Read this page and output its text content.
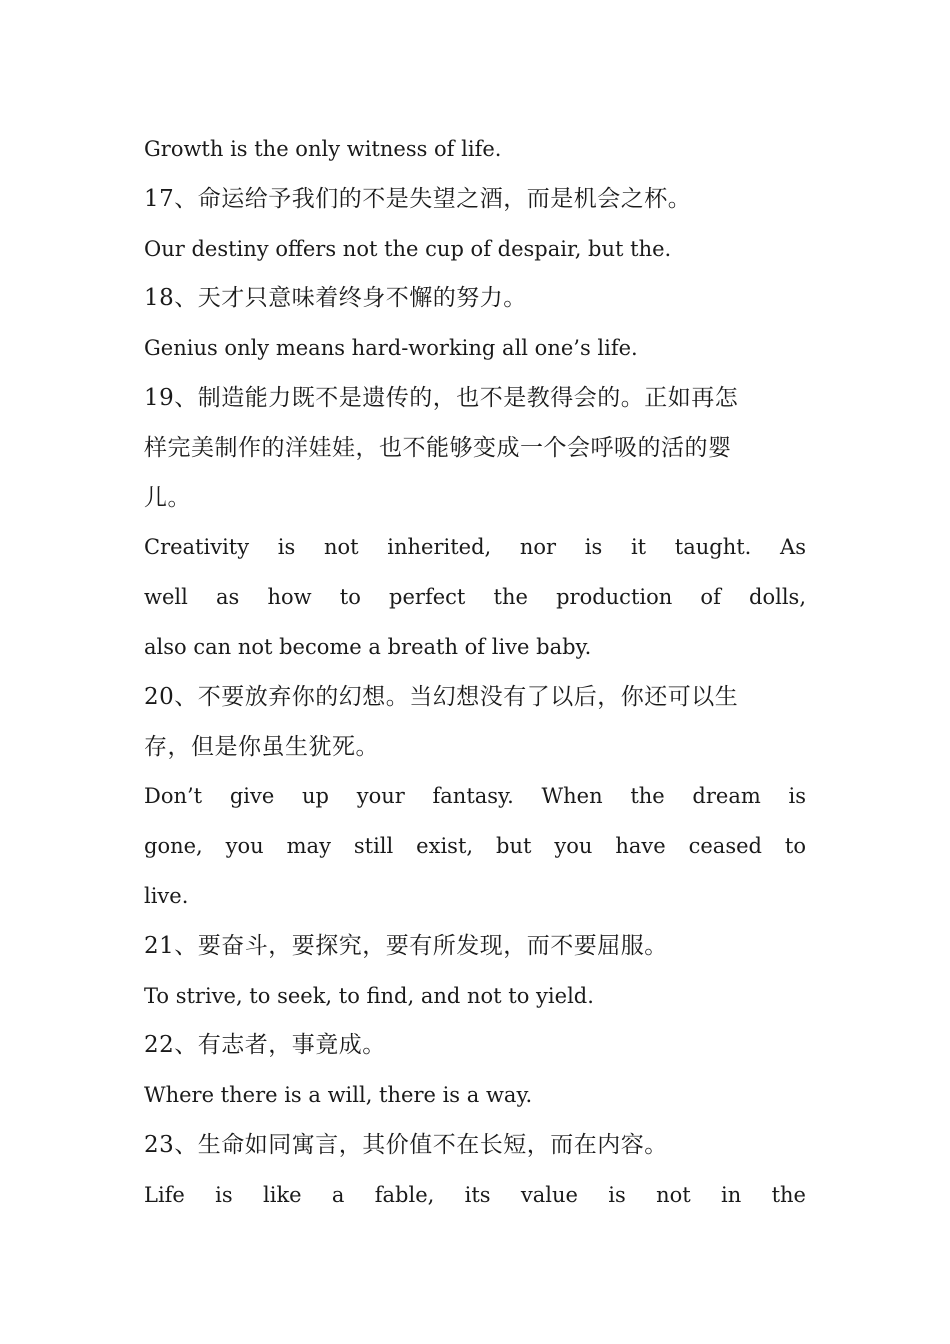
Growth is the only witness of life.
17、命运给予我们的不是失望之酒，而是机会之杯。
Our destiny offers not the cup of despair, but the.
18、天才只意味着终身不懈的努力。
Genius only means hard-working all one’s life.
19、制造能力既不是遗传的，也不是教得会的。正如再怎
样完美制作的洋娃娃，也不能够变成一个会呼吸的活的婴
儿。
Creativity is not inherited, nor is it taught. As
well as how to perfect the production of dolls,
also can not become a breath of live baby.
20、不要放弃你的幻想。当幻想没有了以后，你还可以生
存，但是你虽生犹死。
Don’t give up your fantasy. When the dream is
gone, you may still exist, but you have ceased to
live.
21、要奋斗，要探究，要有所发现，而不要屈服。
To strive, to seek, to find, and not to yield.
22、有志者，事竟成。
Where there is a will, there is a way.
23、生命如同寓言，其价值不在长短，而在内容。
Life is like a fable, its value is not in the
